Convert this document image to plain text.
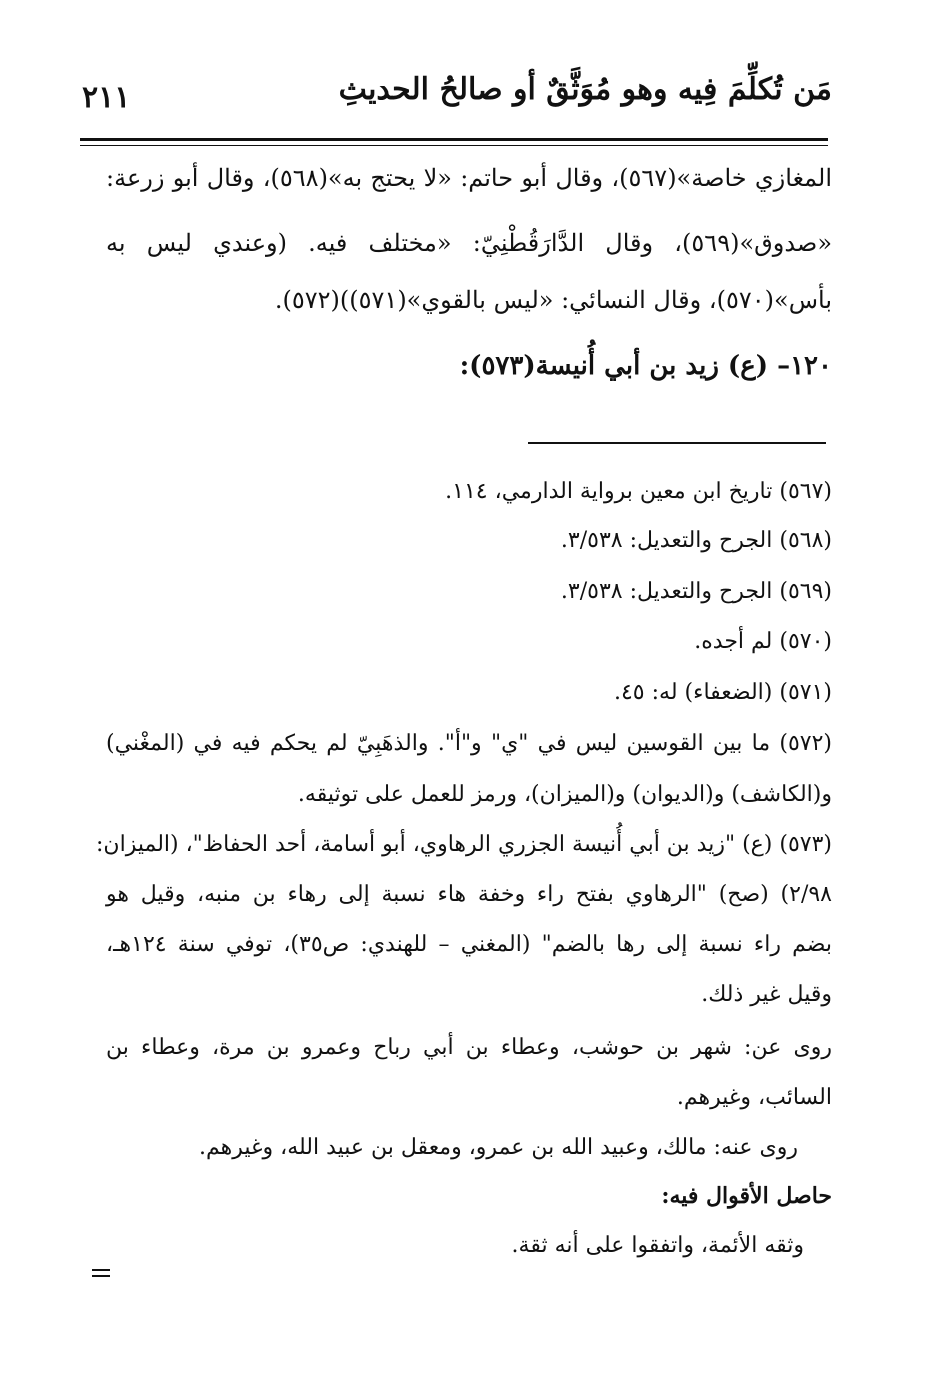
مَن تُكلِّمَ فِيه وهو مُوَثَّقٌ أو صالحُ الحديثِ
٢١١
المغازي خاصة»(٥٦٧)، وقال أبو حاتم: «لا يحتج به»(٥٦٨)، وقال أبو زرعة:
«صدوق»(٥٦٩)، وقال الدَّارَقُطْنِيّ: «مختلف فيه. (وعندي ليس به
بأس»(٥٧٠)، وقال النسائي: «ليس بالقوي»(٥٧١))(٥٧٢).
١٢٠– (ع) زيد بن أبي أُنيسة(٥٧٣):
(٥٦٧) تاريخ ابن معين برواية الدارمي، ١١٤.
(٥٦٨) الجرح والتعديل: ٣/٥٣٨.
(٥٦٩) الجرح والتعديل: ٣/٥٣٨.
(٥٧٠) لم أجده.
(٥٧١) (الضعفاء) له: ٤٥.
(٥٧٢) ما بين القوسين ليس في "ي" و"أ". والذهَبِيّ لم يحكم فيه في (المغْني)
و(الكاشف) و(الديوان) و(الميزان)، ورمز للعمل على توثيقه.
(٥٧٣) (ع) "زيد بن أبي أُنيسة الجزري الرهاوي، أبو أسامة، أحد الحفاظ"، (الميزان:
٢/٩٨) (صح) "الرهاوي بفتح راء وخفة هاء نسبة إلى رهاء بن منبه، وقيل هو
بضم راء نسبة إلى رها بالضم" (المغني – للهندي: ص٣٥)، توفي سنة ١٢٤هـ،
وقيل غير ذلك.
روى عن: شهر بن حوشب، وعطاء بن أبي رباح وعمرو بن مرة، وعطاء بن
السائب، وغيرهم.
روى عنه: مالك، وعبيد الله بن عمرو، ومعقل بن عبيد الله، وغيرهم.
حاصل الأقوال فيه:
وثقه الأئمة، واتفقوا على أنه ثقة.
